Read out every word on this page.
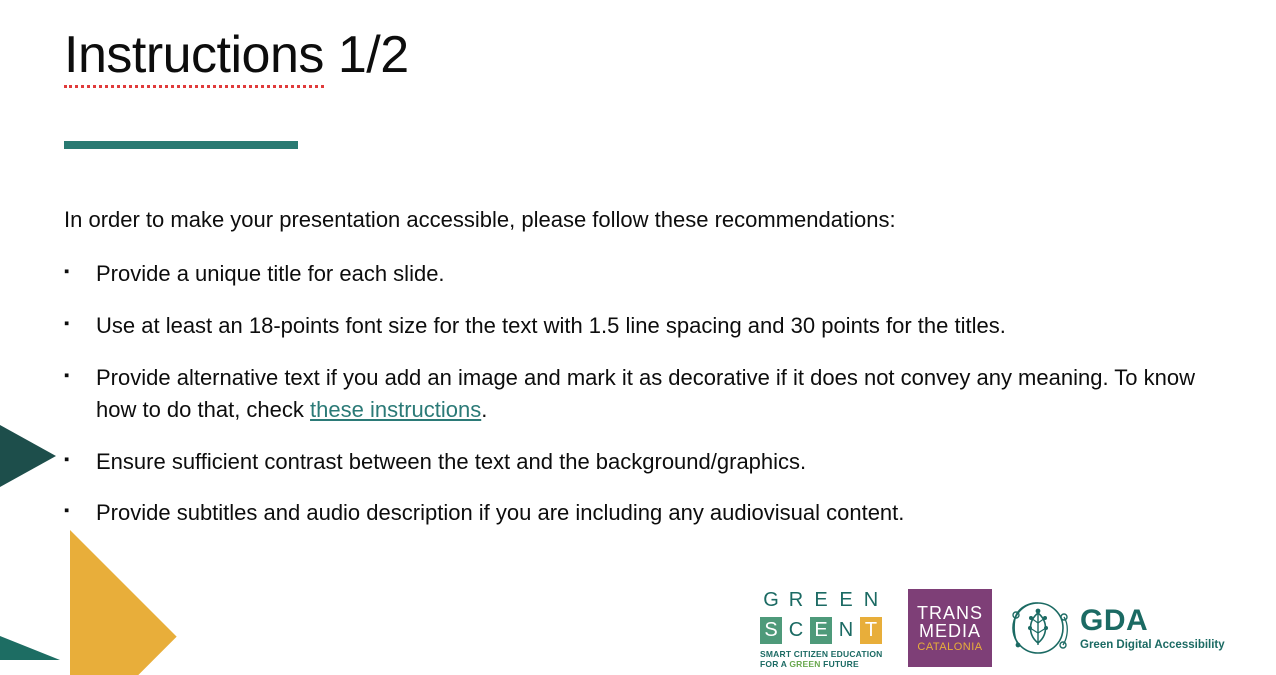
Instructions 1/2
In order to make your presentation accessible, please follow these recommendations:
▪	Provide a unique title for each slide.
▪	Use at least an 18-points font size for the text with 1.5 line spacing and 30 points for the titles.
▪	Provide alternative text if you add an image and mark it as decorative if it does not convey any meaning. To know how to do that, check these instructions.
▪	Ensure sufficient contrast between the text and the background/graphics.
▪	Provide subtitles and audio description if you are including any audiovisual content.
G R E E N
S C E N T
SMART CITIZEN EDUCATION
FOR A GREEN FUTURE
TRANS
MEDIA
CATALONIA
GDA
Green Digital Accessibility
